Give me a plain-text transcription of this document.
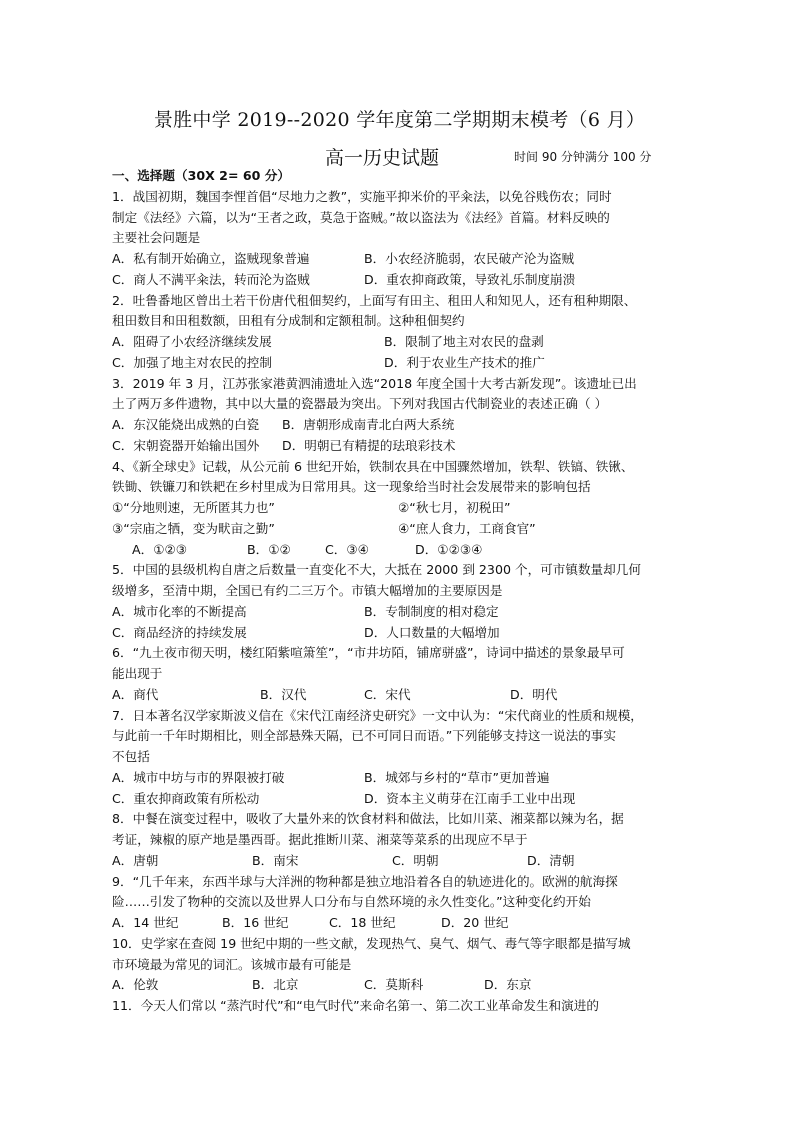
景胜中学 2019--2020 学年度第二学期期末模考（6 月）
高一历史试题	时间 90 分钟满分 100 分
一、选择题（30X 2= 60 分）
1．战国初期，魏国李悝首倡“尽地力之教”，实施平抑米价的平籴法，以免谷贱伤农；同时
制定《法经》六篇，以为“王者之政，莫急于盗贼。”故以盗法为《法经》首篇。材料反映的
主要社会问题是
A．私有制开始确立，盗贼现象普遍	B．小农经济脆弱，农民破产沦为盗贼
C．商人不满平籴法，转而沦为盗贼	D．重农抑商政策，导致礼乐制度崩溃
2．吐鲁番地区曾出土若干份唐代租佃契约，上面写有田主、租田人和知见人，还有租种期限、
租田数目和田租数额，田租有分成制和定额租制。这种租佃契约
A．阻碍了小农经济继续发展	B．限制了地主对农民的盘剥
C．加强了地主对农民的控制	D．利于农业生产技术的推广
3．2019 年 3 月，江苏张家港黄泗浦遗址入选“2018 年度全国十大考古新发现”。该遗址已出
土了两万多件遗物，其中以大量的瓷器最为突出。下列对我国古代制瓷业的表述正确（ ）
A．东汉能烧出成熟的白瓷	B．唐朝形成南青北白两大系统
C．宋朝瓷器开始输出国外	D．明朝已有精提的珐琅彩技术
4、《新全球史》记载，从公元前 6 世纪开始，铁制农具在中国骤然增加，铁犁、铁镐、铁锹、
铁锄、铁镰刀和铁耙在乡村里成为日常用具。这一现象给当时社会发展带来的影响包括
①“分地则速，无所匿其力也”	②“秋七月，初税田”
③“宗庙之牺，变为畎亩之勤”	④“庶人食力，工商食官”
A．①②③	B．①②	C．③④	D．①②③④
5．中国的县级机构自唐之后数量一直变化不大，大抵在 2000 到 2300 个，可市镇数量却几何
级增多，至清中期，全国已有约二三万个。市镇大幅增加的主要原因是
A．城市化率的不断提高	B．专制制度的相对稳定
C．商品经济的持续发展	D．人口数量的大幅增加
6．“九土夜市彻天明，楼红陌紫喧箫笙”，“市井坊陌，铺席骈盛”，诗词中描述的景象最早可
能出现于
A．商代	B．汉代	C．宋代	D．明代
7．日本著名汉学家斯波义信在《宋代江南经济史研究》一文中认为：“宋代商业的性质和规模，
与此前一千年时期相比，则全部悬殊天隔，已不可同日而语。”下列能够支持这一说法的事实
不包括
A．城市中坊与市的界限被打破	B．城郊与乡村的“草市”更加普遍
C．重农抑商政策有所松动	D．资本主义萌芽在江南手工业中出现
8．中餐在演变过程中，吸收了大量外来的饮食材料和做法，比如川菜、湘菜都以辣为名，据
考证，辣椒的原产地是墨西哥。据此推断川菜、湘菜等菜系的出现应不早于
A．唐朝	B．南宋	C．明朝	D．清朝
9．“几千年来，东西半球与大洋洲的物种都是独立地沿着各自的轨迹进化的。欧洲的航海探
险……引发了物种的交流以及世界人口分布与自然环境的永久性变化。”这种变化约开始
A．14 世纪	B．16 世纪	C．18 世纪	D．20 世纪
10．史学家在查阅 19 世纪中期的一些文献，发现热气、臭气、烟气、毒气等字眼都是描写城
市环境最为常见的词汇。该城市最有可能是
A．伦敦	B．北京	C．莫斯科	D．东京
11．今天人们常以 “蒸汽时代”和“电气时代”来命名第一、第二次工业革命发生和演进的
